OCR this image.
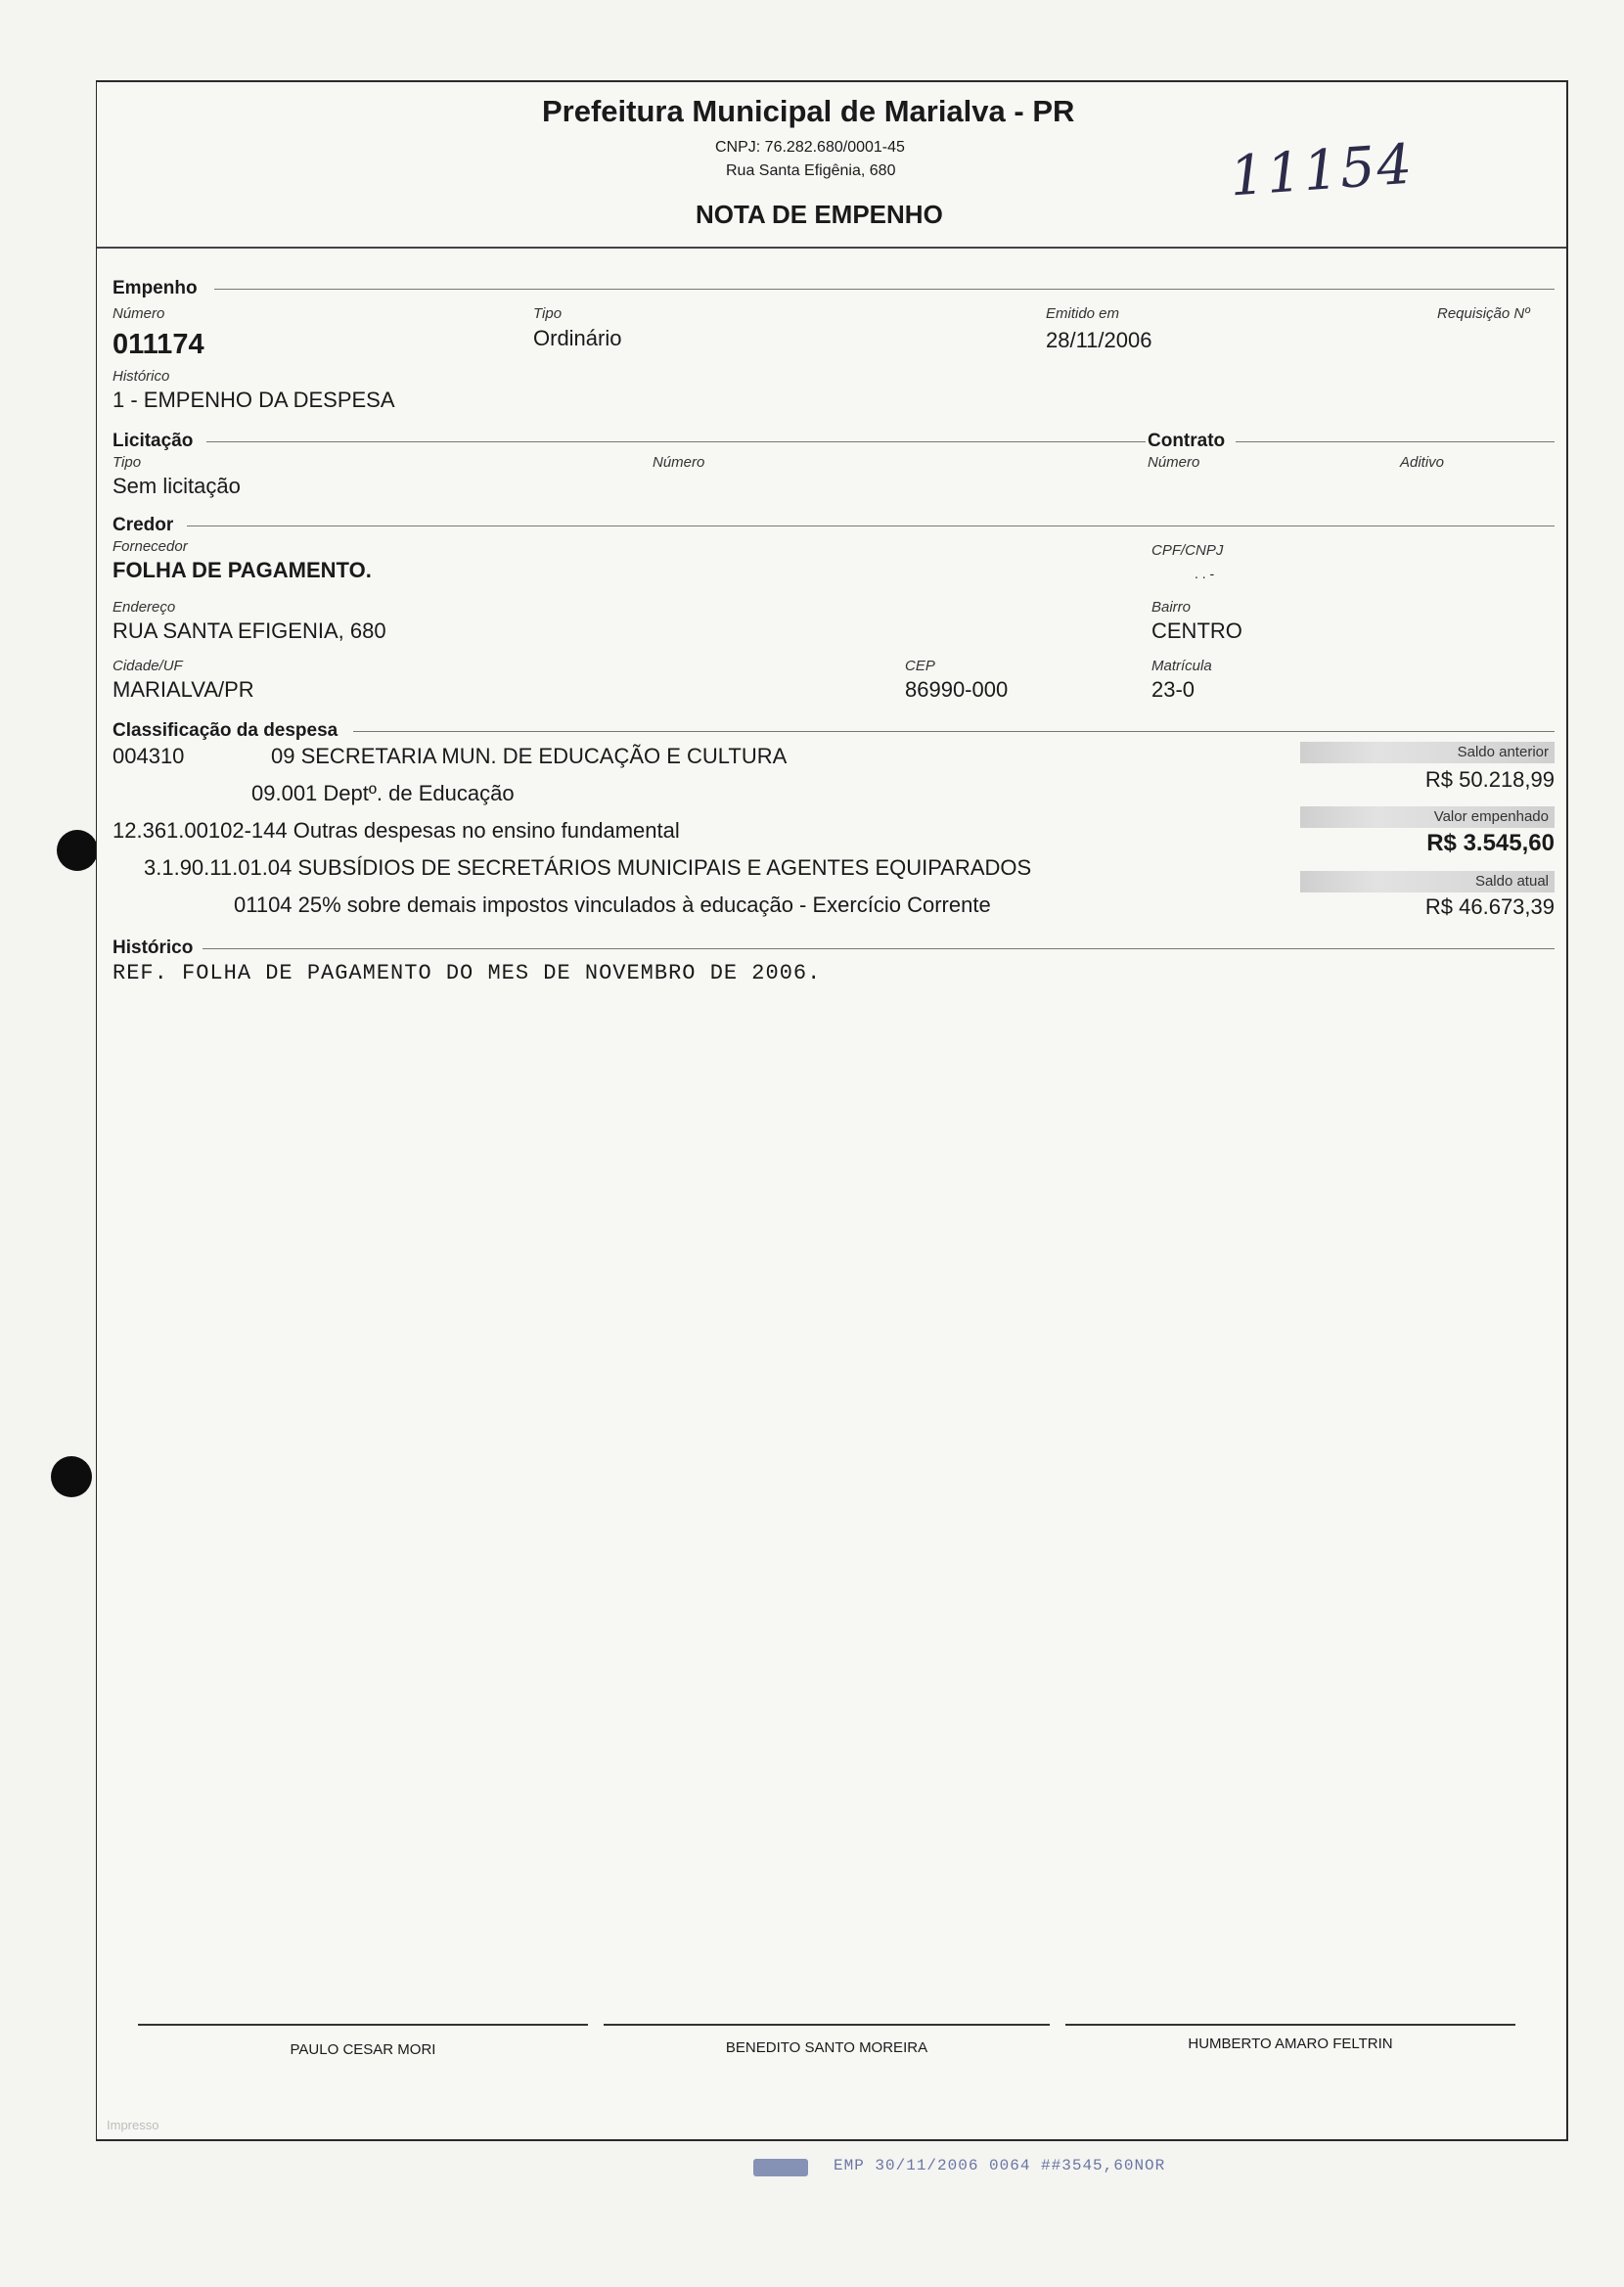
Prefeitura Municipal de Marialva - PR
CNPJ: 76.282.680/0001-45
Rua Santa Efigênia, 680
NOTA DE EMPENHO
11154
Empenho
Número
011174
Tipo
Ordinário
Emitido em
28/11/2006
Requisição Nº
Histórico
1 - EMPENHO DA DESPESA
Licitação	Contrato
Tipo
Sem licitação
Número	Número	Aditivo
Credor
Fornecedor
FOLHA DE PAGAMENTO.
CPF/CNPJ
. . -
Endereço
RUA SANTA EFIGENIA, 680
Bairro
CENTRO
Cidade/UF
MARIALVA/PR
CEP
86990-000
Matrícula
23-0
Classificação da despesa
004310	09 SECRETARIA MUN. DE EDUCAÇÃO E CULTURA
09.001 Deptº. de Educação
12.361.00102-144 Outras despesas no ensino fundamental
3.1.90.11.01.04 SUBSÍDIOS DE SECRETÁRIOS MUNICIPAIS E AGENTES EQUIPARADOS
01104 25% sobre demais impostos vinculados à educação - Exercício Corrente
Saldo anterior
R$ 50.218,99
Valor empenhado
R$ 3.545,60
Saldo atual
R$ 46.673,39
Histórico
REF. FOLHA DE PAGAMENTO DO MES DE NOVEMBRO DE 2006.
PAULO CESAR MORI	BENEDITO SANTO MOREIRA	HUMBERTO AMARO FELTRIN
Impresso
EMP 30/11/2006 0064 ##3545,60NOR
